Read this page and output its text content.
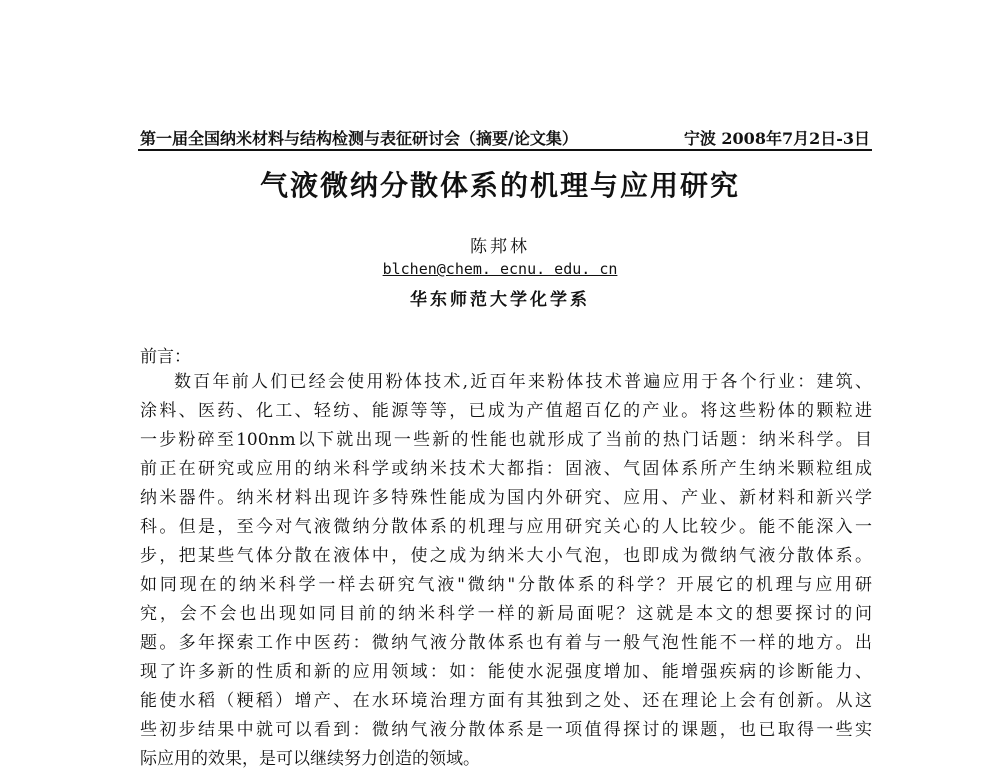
第一届全国纳米材料与结构检测与表征研讨会（摘要/论文集）	宁波 2008年7月2日-3日
气液微纳分散体系的机理与应用研究
陈邦林
blchen@chem. ecnu. edu. cn
华东师范大学化学系
前言：
数百年前人们已经会使用粉体技术,近百年来粉体技术普遍应用于各个行业：建筑、
涂料、医药、化工、轻纺、能源等等，已成为产值超百亿的产业。将这些粉体的颗粒进
一步粉碎至100nm以下就出现一些新的性能也就形成了当前的热门话题：纳米科学。目
前正在研究或应用的纳米科学或纳米技术大都指：固液、气固体系所产生纳米颗粒组成
纳米器件。纳米材料出现许多特殊性能成为国内外研究、应用、产业、新材料和新兴学
科。但是，至今对气液微纳分散体系的机理与应用研究关心的人比较少。能不能深入一
步，把某些气体分散在液体中，使之成为纳米大小气泡，也即成为微纳气液分散体系。
如同现在的纳米科学一样去研究气液"微纳"分散体系的科学？开展它的机理与应用研
究，会不会也出现如同目前的纳米科学一样的新局面呢？这就是本文的想要探讨的问
题。多年探索工作中医药：微纳气液分散体系也有着与一般气泡性能不一样的地方。出
现了许多新的性质和新的应用领域：如：能使水泥强度增加、能增强疾病的诊断能力、
能使水稻（粳稻）增产、在水环境治理方面有其独到之处、还在理论上会有创新。从这
些初步结果中就可以看到：微纳气液分散体系是一项值得探讨的课题，也已取得一些实
际应用的效果，是可以继续努力创造的领域。
